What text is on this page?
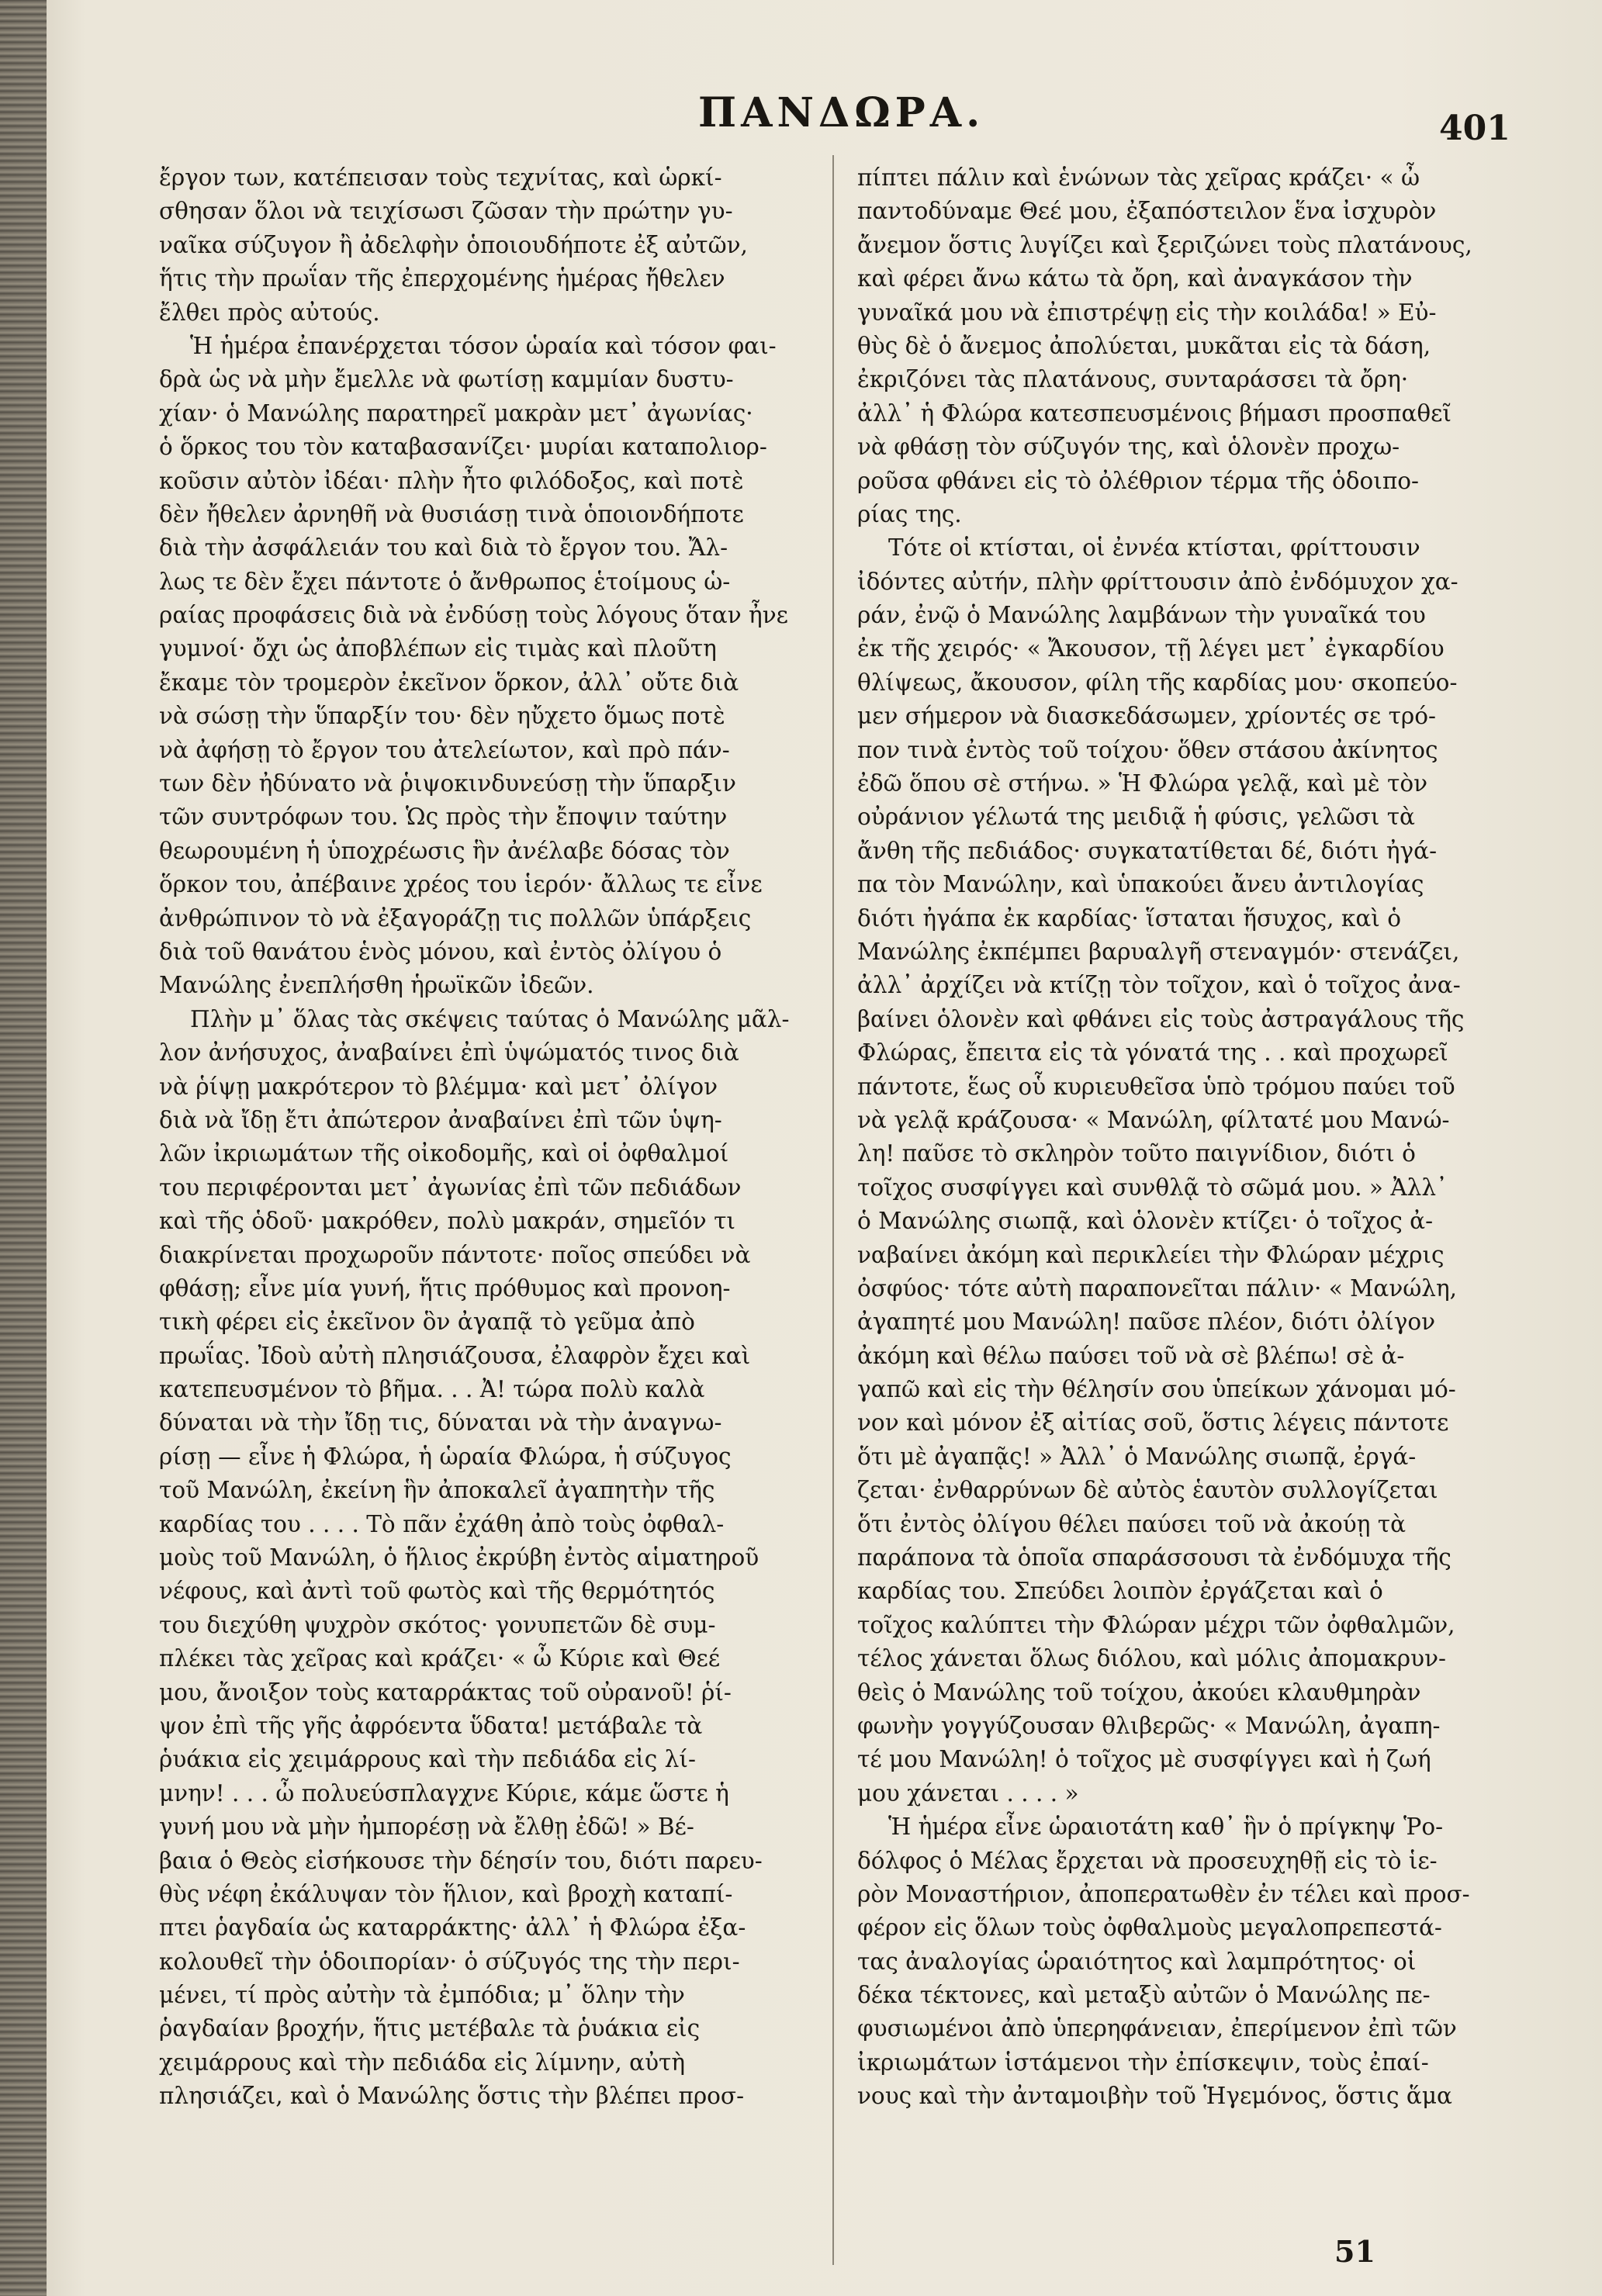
ΠΑΝΔΩΡΑ.	401
ἔργον των, κατέπεισαν τοὺς τεχνίτας, καὶ ὡρκί-
σθησαν ὅλοι νὰ τειχίσωσι ζῶσαν τὴν πρώτην γυ-
ναῖκα σύζυγον ἢ ἀδελφὴν ὁποιουδήποτε ἐξ αὐτῶν,
ἥτις τὴν πρωΐαν τῆς ἐπερχομένης ἡμέρας ἤθελεν
ἔλθει πρὸς αὐτούς.
Ἡ ἡμέρα ἐπανέρχεται τόσον ὡραία καὶ τόσον φαι-
δρὰ ὡς νὰ μὴν ἔμελλε νὰ φωτίσῃ καμμίαν δυστυ-
χίαν· ὁ Μανώλης παρατηρεῖ μακρὰν μετ᾽ ἀγωνίας·
ὁ ὅρκος του τὸν καταβασανίζει· μυρίαι καταπολιορ-
κοῦσιν αὐτὸν ἰδέαι· πλὴν ἦτο φιλόδοξος, καὶ ποτὲ
δὲν ἤθελεν ἀρνηθῆ νὰ θυσιάσῃ τινὰ ὁποιονδήποτε
διὰ τὴν ἀσφάλειάν του καὶ διὰ τὸ ἔργον του. Ἄλ-
λως τε δὲν ἔχει πάντοτε ὁ ἄνθρωπος ἑτοίμους ὡ-
ραίας προφάσεις διὰ νὰ ἐνδύσῃ τοὺς λόγους ὅταν ἦνε
γυμνοί· ὄχι ὡς ἀποβλέπων εἰς τιμὰς καὶ πλοῦτη
ἔκαμε τὸν τρομερὸν ἐκεῖνον ὅρκον, ἀλλ᾽ οὔτε διὰ
νὰ σώσῃ τὴν ὕπαρξίν του· δὲν ηὔχετο ὅμως ποτὲ
νὰ ἀφήσῃ τὸ ἔργον του ἀτελείωτον, καὶ πρὸ πάν-
των δὲν ἠδύνατο νὰ ῥιψοκινδυνεύσῃ τὴν ὕπαρξιν
τῶν συντρόφων του. Ὡς πρὸς τὴν ἔποψιν ταύτην
θεωρουμένη ἡ ὑποχρέωσις ἣν ἀνέλαβε δόσας τὸν
ὅρκον του, ἀπέβαινε χρέος του ἱερόν· ἄλλως τε εἶνε
ἀνθρώπινον τὸ νὰ ἐξαγοράζῃ τις πολλῶν ὑπάρξεις
διὰ τοῦ θανάτου ἑνὸς μόνου, καὶ ἐντὸς ὀλίγου ὁ
Μανώλης ἐνεπλήσθη ἡρωϊκῶν ἰδεῶν.
Πλὴν μ᾽ ὅλας τὰς σκέψεις ταύτας ὁ Μανώλης μᾶλ-
λον ἀνήσυχος, ἀναβαίνει ἐπὶ ὑψώματός τινος διὰ
νὰ ῥίψῃ μακρότερον τὸ βλέμμα· καὶ μετ᾽ ὀλίγον
διὰ νὰ ἴδῃ ἔτι ἀπώτερον ἀναβαίνει ἐπὶ τῶν ὑψη-
λῶν ἰκριωμάτων τῆς οἰκοδομῆς, καὶ οἱ ὀφθαλμοί
του περιφέρονται μετ᾽ ἀγωνίας ἐπὶ τῶν πεδιάδων
καὶ τῆς ὁδοῦ· μακρόθεν, πολὺ μακράν, σημεῖόν τι
διακρίνεται προχωροῦν πάντοτε· ποῖος σπεύδει νὰ
φθάσῃ; εἶνε μία γυνή, ἥτις πρόθυμος καὶ προνοη-
τικὴ φέρει εἰς ἐκεῖνον ὃν ἀγαπᾷ τὸ γεῦμα ἀπὸ
πρωΐας. Ἰδοὺ αὐτὴ πλησιάζουσα, ἐλαφρὸν ἔχει καὶ
κατεπευσμένον τὸ βῆμα. . . Ἀ! τώρα πολὺ καλὰ
δύναται νὰ τὴν ἴδῃ τις, δύναται νὰ τὴν ἀναγνω-
ρίσῃ — εἶνε ἡ Φλώρα, ἡ ὡραία Φλώρα, ἡ σύζυγος
τοῦ Μανώλη, ἐκείνη ἣν ἀποκαλεῖ ἀγαπητὴν τῆς
καρδίας του . . . . Τὸ πᾶν ἐχάθη ἀπὸ τοὺς ὀφθαλ-
μοὺς τοῦ Μανώλη, ὁ ἥλιος ἐκρύβη ἐντὸς αἱματηροῦ
νέφους, καὶ ἀντὶ τοῦ φωτὸς καὶ τῆς θερμότητός
του διεχύθη ψυχρὸν σκότος· γονυπετῶν δὲ συμ-
πλέκει τὰς χεῖρας καὶ κράζει· « ὦ Κύριε καὶ Θεέ
μου, ἄνοιξον τοὺς καταρράκτας τοῦ οὐρανοῦ! ῥί-
ψον ἐπὶ τῆς γῆς ἀφρόεντα ὕδατα! μετάβαλε τὰ
ῥυάκια εἰς χειμάρρους καὶ τὴν πεδιάδα εἰς λί-
μνην! . . . ὦ πολυεύσπλαγχνε Κύριε, κάμε ὥστε ἡ
γυνή μου νὰ μὴν ἠμπορέσῃ νὰ ἔλθῃ ἐδῶ! » Βέ-
βαια ὁ Θεὸς εἰσήκουσε τὴν δέησίν του, διότι παρευ-
θὺς νέφη ἐκάλυψαν τὸν ἥλιον, καὶ βροχὴ καταπί-
πτει ῥαγδαία ὡς καταρράκτης· ἀλλ᾽ ἡ Φλώρα ἐξα-
κολουθεῖ τὴν ὁδοιπορίαν· ὁ σύζυγός της τὴν περι-
μένει, τί πρὸς αὐτὴν τὰ ἐμπόδια; μ᾽ ὅλην τὴν
ῥαγδαίαν βροχήν, ἥτις μετέβαλε τὰ ῥυάκια εἰς
χειμάρρους καὶ τὴν πεδιάδα εἰς λίμνην, αὐτὴ
πλησιάζει, καὶ ὁ Μανώλης ὅστις τὴν βλέπει προσ-
πίπτει πάλιν καὶ ἑνώνων τὰς χεῖρας κράζει· « ὦ
παντοδύναμε Θεέ μου, ἐξαπόστειλον ἕνα ἰσχυρὸν
ἄνεμον ὅστις λυγίζει καὶ ξεριζώνει τοὺς πλατάνους,
καὶ φέρει ἄνω κάτω τὰ ὄρη, καὶ ἀναγκάσον τὴν
γυναῖκά μου νὰ ἐπιστρέψῃ εἰς τὴν κοιλάδα! » Εὐ-
θὺς δὲ ὁ ἄνεμος ἀπολύεται, μυκᾶται εἰς τὰ δάση,
ἐκριζόνει τὰς πλατάνους, συνταράσσει τὰ ὄρη·
ἀλλ᾽ ἡ Φλώρα κατεσπευσμένοις βήμασι προσπαθεῖ
νὰ φθάσῃ τὸν σύζυγόν της, καὶ ὁλονὲν προχω-
ροῦσα φθάνει εἰς τὸ ὀλέθριον τέρμα τῆς ὁδοιπο-
ρίας της.
Τότε οἱ κτίσται, οἱ ἐννέα κτίσται, φρίττουσιν
ἰδόντες αὐτήν, πλὴν φρίττουσιν ἀπὸ ἐνδόμυχον χα-
ράν, ἐνῷ ὁ Μανώλης λαμβάνων τὴν γυναῖκά του
ἐκ τῆς χειρός· « Ἄκουσον, τῇ λέγει μετ᾽ ἐγκαρδίου
θλίψεως, ἄκουσον, φίλη τῆς καρδίας μου· σκοπεύο-
μεν σήμερον νὰ διασκεδάσωμεν, χρίοντές σε τρό-
πον τινὰ ἐντὸς τοῦ τοίχου· ὅθεν στάσου ἀκίνητος
ἐδῶ ὅπου σὲ στήνω. » Ἡ Φλώρα γελᾷ, καὶ μὲ τὸν
οὐράνιον γέλωτά της μειδιᾷ ἡ φύσις, γελῶσι τὰ
ἄνθη τῆς πεδιάδος· συγκατατίθεται δέ, διότι ἠγά-
πα τὸν Μανώλην, καὶ ὑπακούει ἄνευ ἀντιλογίας
διότι ἠγάπα ἐκ καρδίας· ἵσταται ἥσυχος, καὶ ὁ
Μανώλης ἐκπέμπει βαρυαλγῆ στεναγμόν· στενάζει,
ἀλλ᾽ ἀρχίζει νὰ κτίζῃ τὸν τοῖχον, καὶ ὁ τοῖχος ἀνα-
βαίνει ὁλονὲν καὶ φθάνει εἰς τοὺς ἀστραγάλους τῆς
Φλώρας, ἔπειτα εἰς τὰ γόνατά της . . καὶ προχωρεῖ
πάντοτε, ἕως οὗ κυριευθεῖσα ὑπὸ τρόμου παύει τοῦ
νὰ γελᾷ κράζουσα· « Μανώλη, φίλτατέ μου Μανώ-
λη! παῦσε τὸ σκληρὸν τοῦτο παιγνίδιον, διότι ὁ
τοῖχος συσφίγγει καὶ συνθλᾷ τὸ σῶμά μου. » Ἀλλ᾽
ὁ Μανώλης σιωπᾷ, καὶ ὁλονὲν κτίζει· ὁ τοῖχος ἀ-
ναβαίνει ἀκόμη καὶ περικλείει τὴν Φλώραν μέχρις
ὀσφύος· τότε αὐτὴ παραπονεῖται πάλιν· « Μανώλη,
ἀγαπητέ μου Μανώλη! παῦσε πλέον, διότι ὀλίγον
ἀκόμη καὶ θέλω παύσει τοῦ νὰ σὲ βλέπω! σὲ ἀ-
γαπῶ καὶ εἰς τὴν θέλησίν σου ὑπείκων χάνομαι μό-
νον καὶ μόνον ἐξ αἰτίας σοῦ, ὅστις λέγεις πάντοτε
ὅτι μὲ ἀγαπᾷς! » Ἀλλ᾽ ὁ Μανώλης σιωπᾷ, ἐργά-
ζεται· ἐνθαρρύνων δὲ αὐτὸς ἑαυτὸν συλλογίζεται
ὅτι ἐντὸς ὀλίγου θέλει παύσει τοῦ νὰ ἀκούῃ τὰ
παράπονα τὰ ὁποῖα σπαράσσουσι τὰ ἐνδόμυχα τῆς
καρδίας του. Σπεύδει λοιπὸν ἐργάζεται καὶ ὁ
τοῖχος καλύπτει τὴν Φλώραν μέχρι τῶν ὀφθαλμῶν,
τέλος χάνεται ὅλως διόλου, καὶ μόλις ἀπομακρυν-
θεὶς ὁ Μανώλης τοῦ τοίχου, ἀκούει κλαυθμηρὰν
φωνὴν γογγύζουσαν θλιβερῶς· « Μανώλη, ἀγαπη-
τέ μου Μανώλη! ὁ τοῖχος μὲ συσφίγγει καὶ ἡ ζωή
μου χάνεται . . . . »
Ἡ ἡμέρα εἶνε ὡραιοτάτη καθ᾽ ἣν ὁ πρίγκηψ Ῥο-
δόλφος ὁ Μέλας ἔρχεται νὰ προσευχηθῇ εἰς τὸ ἱε-
ρὸν Μοναστήριον, ἀποπερατωθὲν ἐν τέλει καὶ προσ-
φέρον εἰς ὅλων τοὺς ὀφθαλμοὺς μεγαλοπρεπεστά-
τας ἀναλογίας ὡραιότητος καὶ λαμπρότητος· οἱ
δέκα τέκτονες, καὶ μεταξὺ αὐτῶν ὁ Μανώλης πε-
φυσιωμένοι ἀπὸ ὑπερηφάνειαν, ἐπερίμενον ἐπὶ τῶν
ἰκριωμάτων ἱστάμενοι τὴν ἐπίσκεψιν, τοὺς ἐπαί-
νους καὶ τὴν ἀνταμοιβὴν τοῦ Ἡγεμόνος, ὅστις ἅμα
51
